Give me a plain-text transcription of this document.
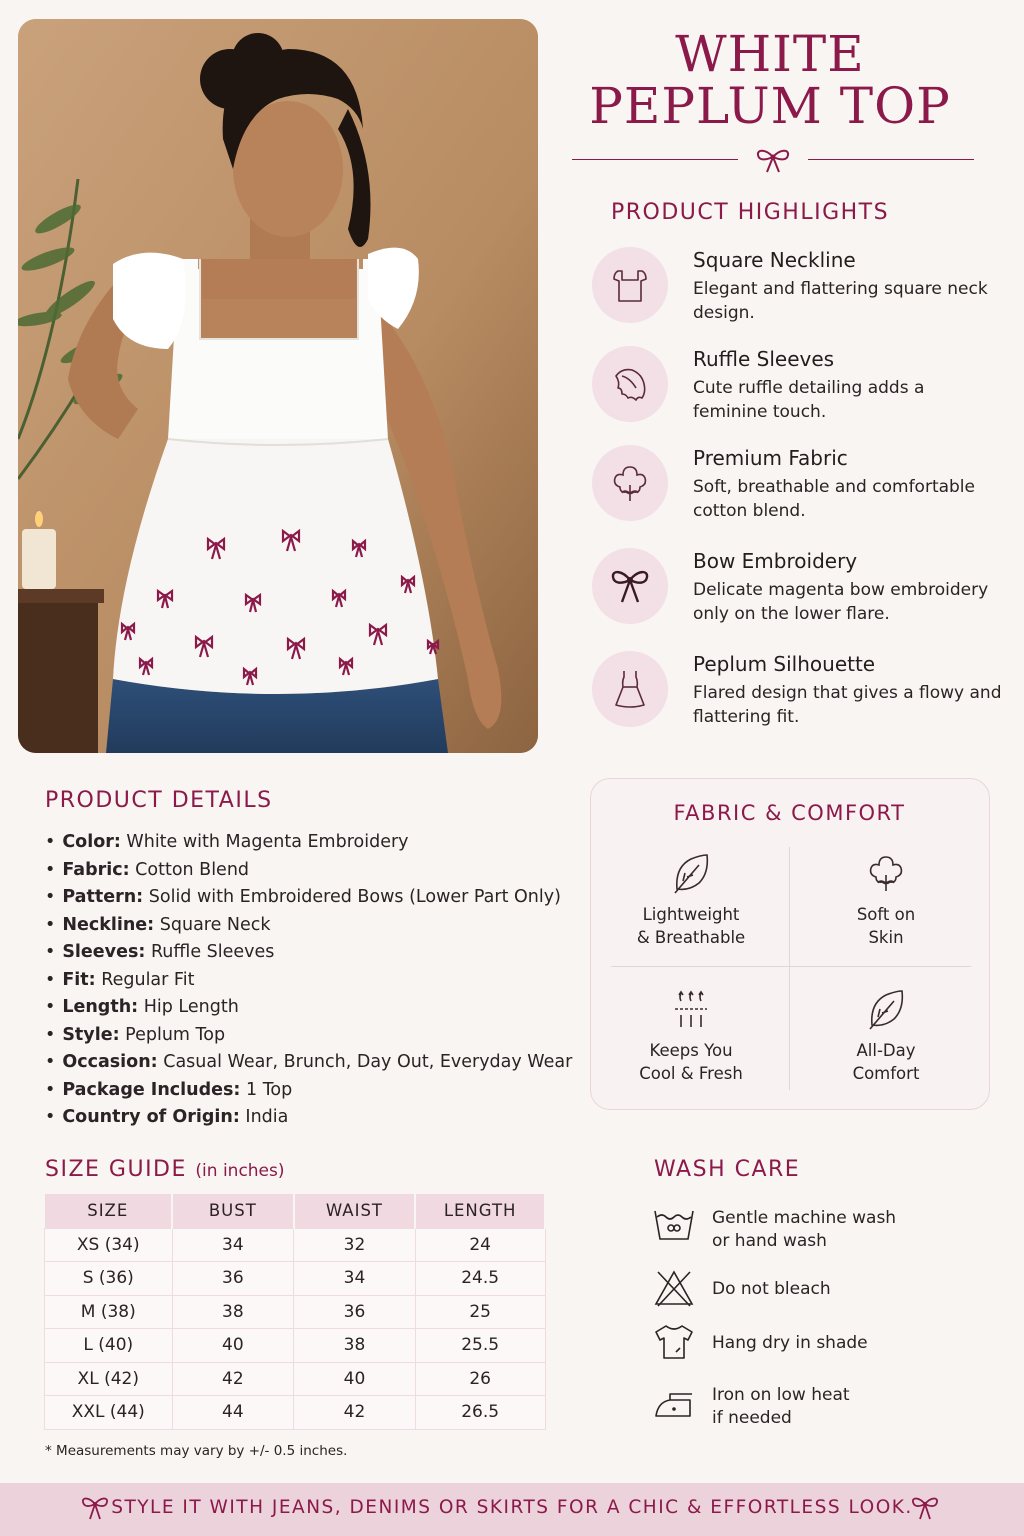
WHITE
PEPLUM TOP
PRODUCT HIGHLIGHTS
Square Neckline
Elegant and flattering square neck design.
Ruffle Sleeves
Cute ruffle detailing adds a feminine touch.
Premium Fabric
Soft, breathable and comfortable cotton blend.
Bow Embroidery
Delicate magenta bow embroidery only on the lower flare.
Peplum Silhouette
Flared design that gives a flowy and flattering fit.
PRODUCT DETAILS
• Color: White with Magenta Embroidery
• Fabric: Cotton Blend
• Pattern: Solid with Embroidered Bows (Lower Part Only)
• Neckline: Square Neck
• Sleeves: Ruffle Sleeves
• Fit: Regular Fit
• Length: Hip Length
• Style: Peplum Top
• Occasion: Casual Wear, Brunch, Day Out, Everyday Wear
• Package Includes: 1 Top
• Country of Origin: India
FABRIC & COMFORT
Lightweight
& Breathable
Soft on
Skin
Keeps You
Cool & Fresh
All-Day
Comfort
SIZE GUIDE (in inches)
SIZE	BUST	WAIST	LENGTH
XS (34)	34	32	24
S (36)	36	34	24.5
M (38)	38	36	25
L (40)	40	38	25.5
XL (42)	42	40	26
XXL (44)	44	42	26.5
* Measurements may vary by +/- 0.5 inches.
WASH CARE
Gentle machine wash
or hand wash
Do not bleach
Hang dry in shade
Iron on low heat
if needed
STYLE IT WITH JEANS, DENIMS OR SKIRTS FOR A CHIC & EFFORTLESS LOOK.
